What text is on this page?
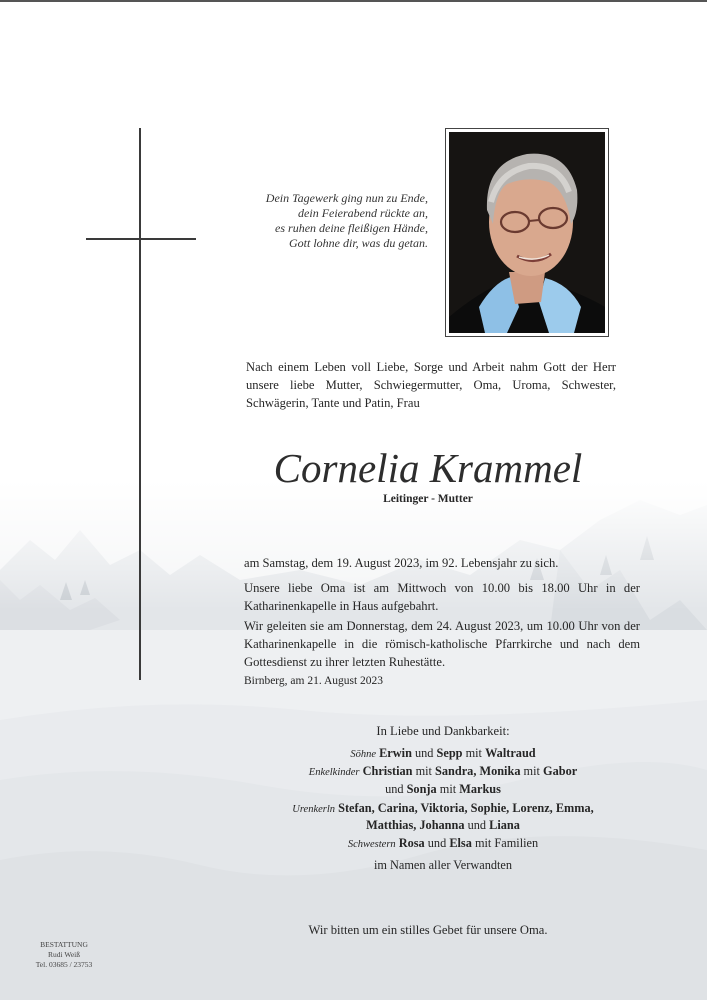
Dein Tagewerk ging nun zu Ende,
dein Feierabend rückte an,
es ruhen deine fleißigen Hände,
Gott lohne dir, was du getan.
Nach einem Leben voll Liebe, Sorge und Arbeit nahm Gott der Herr unsere liebe Mutter, Schwiegermutter, Oma, Uroma, Schwester, Schwägerin, Tante und Patin, Frau
Cornelia Krammel
Leitinger - Mutter
am Samstag, dem 19. August 2023, im 92. Lebensjahr zu sich.
Unsere liebe Oma ist am Mittwoch von 10.00 bis 18.00 Uhr in der Katharinenkapelle in Haus aufgebahrt.
Wir geleiten sie am Donnerstag, dem 24. August 2023, um 10.00 Uhr von der Katharinenkapelle in die römisch-katholische Pfarrkirche und nach dem Gottesdienst zu ihrer letzten Ruhestätte.
Birnberg, am 21. August 2023
In Liebe und Dankbarkeit:
Söhne Erwin und Sepp mit Waltraud
Enkelkinder Christian mit Sandra, Monika mit Gabor
und Sonja mit Markus
Urenkerln Stefan, Carina, Viktoria, Sophie, Lorenz, Emma,
Matthias, Johanna und Liana
Schwestern Rosa und Elsa mit Familien
im Namen aller Verwandten
Wir bitten um ein stilles Gebet für unsere Oma.
BESTATTUNG
Rudi Weiß
Tel. 03685 / 23753
